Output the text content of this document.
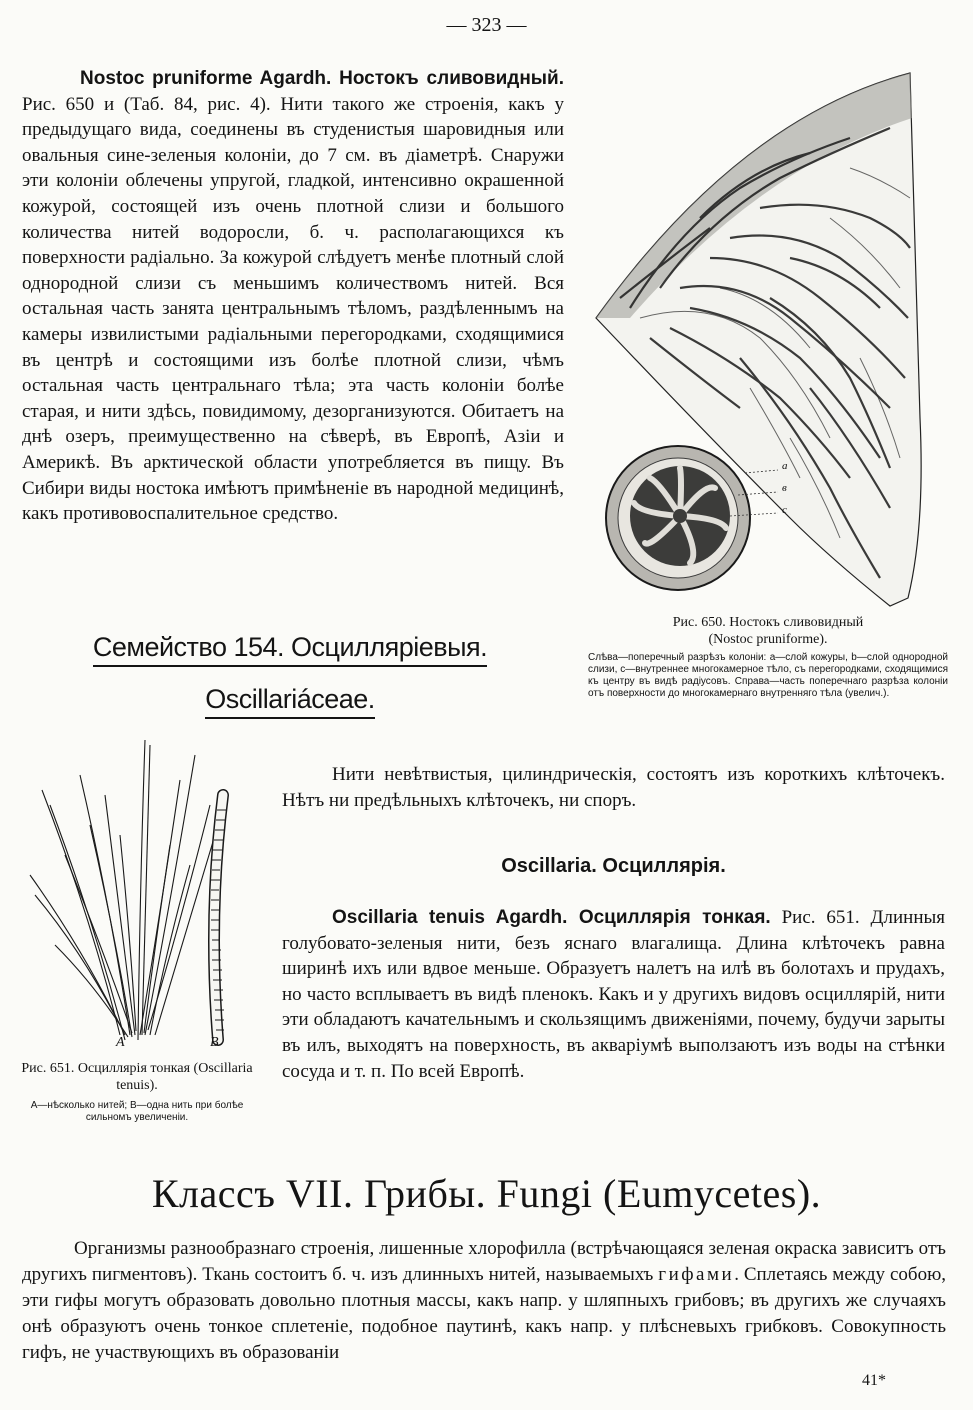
— 323 —

Nostoc pruniforme Agardh. Ностокъ сливовидный. Рис. 650 и (Таб. 84, рис. 4). Нити такого же строенія, какъ у предыдущаго вида, соединены въ студенистыя шаровидныя или овальныя сине-зеленыя колоніи, до 7 см. въ діаметрѣ. Снаружи эти колоніи облечены упругой, гладкой, интенсивно окрашенной кожурой, состоящей изъ очень плотной слизи и большого количества нитей водоросли, б. ч. располагающихся къ поверхности радіально. За кожурой слѣдуетъ менѣе плотный слой однородной слизи съ меньшимъ количествомъ нитей. Вся остальная часть занята центральнымъ тѣломъ, раздѣленнымъ на камеры извилистыми радіальными перегородками, сходящимися въ центрѣ и состоящими изъ болѣе плотной слизи, чѣмъ остальная часть центральнаго тѣла; эта часть колоніи болѣе старая, и нити здѣсь, повидимому, дезорганизуются. Обитаетъ на днѣ озеръ, преимущественно на сѣверѣ, въ Европѣ, Азіи и Америкѣ. Въ арктической области употребляется въ пищу. Въ Сибири виды ностока имѣютъ примѣненіе въ народной медицинѣ, какъ противовоспалительное средство.

a
в
c

Рис. 650. Ностокъ сливовидный (Nostoc pruniforme).

Слѣва—поперечный разрѣзъ колоніи: a—слой кожуры, b—слой однородной слизи, c—внутреннее многокамерное тѣло, съ перегородками, сходящимися къ центру въ видѣ радіусовъ. Справа—часть поперечнаго разрѣза колоніи отъ поверхности до многокамернаго внутренняго тѣла (увелич.).

Семейство 154. Осциллярiевыя.
Oscillariáceae.
A	B

Рис. 651. Осциллярія тонкая (Oscillaria tenuis).

A—нѣсколько нитей; B—одна нить при болѣе сильномъ увеличеніи.

Нити невѣтвистыя, цилиндрическія, состоятъ изъ короткихъ клѣточекъ. Нѣтъ ни предѣльныхъ клѣточекъ, ни споръ.

Oscillaria. Осциллярія.

Oscillaria tenuis Agardh. Осциллярія тонкая. Рис. 651. Длинныя голубовато-зеленыя нити, безъ яснаго влагалища. Длина клѣточекъ равна ширинѣ ихъ или вдвое меньше. Образуетъ налетъ на илѣ въ болотахъ и прудахъ, но часто всплываетъ въ видѣ пленокъ. Какъ и у другихъ видовъ осциллярій, нити эти обладаютъ качательнымъ и скользящимъ движеніями, почему, будучи зарыты въ илъ, выходятъ на поверхность, въ акваріумѣ выползаютъ изъ воды на стѣнки сосуда и т. п. По всей Европѣ.

Классъ VII. Грибы. Fungi (Eumycetes).

Организмы разнообразнаго строенія, лишенные хлорофилла (встрѣчающаяся зеленая окраска зависитъ отъ другихъ пигментовъ). Ткань состоитъ б. ч. изъ длинныхъ нитей, называемыхъ гифами. Сплетаясь между собою, эти гифы могутъ образовать довольно плотныя массы, какъ напр. у шляпныхъ грибовъ; въ другихъ же случаяхъ онѣ образуютъ очень тонкое сплетеніе, подобное паутинѣ, какъ напр. у плѣсневыхъ грибковъ. Совокупность гифъ, не участвующихъ въ образованіи

41*
